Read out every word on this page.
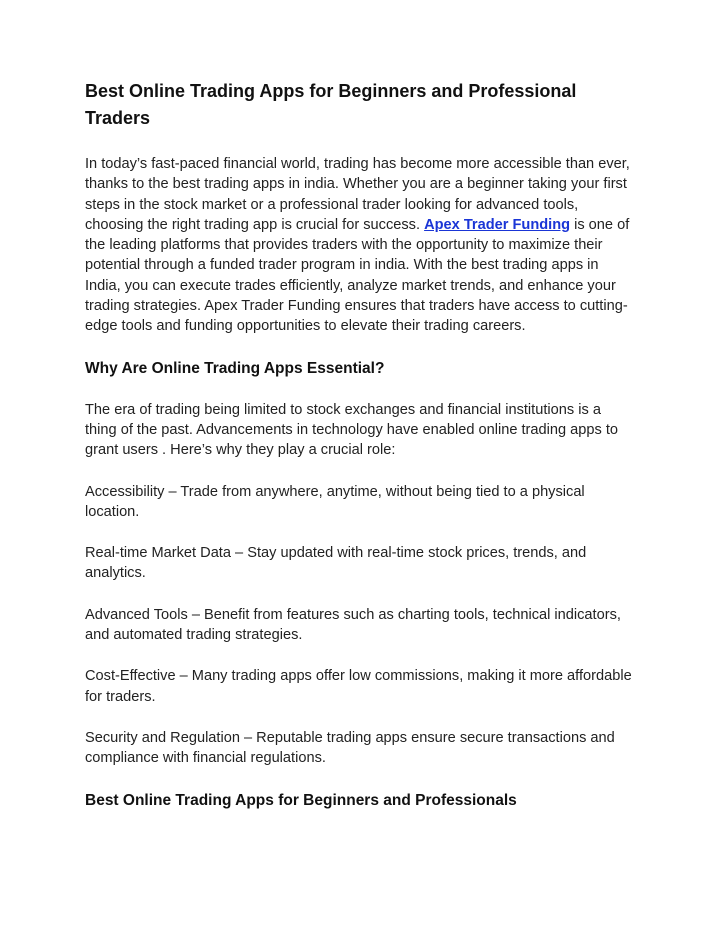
Best Online Trading Apps for Beginners and Professional Traders

In today’s fast-paced financial world, trading has become more accessible than ever, thanks to the best trading apps in india. Whether you are a beginner taking your first steps in the stock market or a professional trader looking for advanced tools, choosing the right trading app is crucial for success. Apex Trader Funding is one of the leading platforms that provides traders with the opportunity to maximize their potential through a funded trader program in india. With the best trading apps in India, you can execute trades efficiently, analyze market trends, and enhance your trading strategies. Apex Trader Funding ensures that traders have access to cutting-edge tools and funding opportunities to elevate their trading careers.

Why Are Online Trading Apps Essential?

The era of trading being limited to stock exchanges and financial institutions is a thing of the past. Advancements in technology have enabled online trading apps to grant users . Here’s why they play a crucial role:

Accessibility – Trade from anywhere, anytime, without being tied to a physical location.

Real-time Market Data – Stay updated with real-time stock prices, trends, and analytics.

Advanced Tools – Benefit from features such as charting tools, technical indicators, and automated trading strategies.

Cost-Effective – Many trading apps offer low commissions, making it more affordable for traders.

Security and Regulation – Reputable trading apps ensure secure transactions and compliance with financial regulations.

Best Online Trading Apps for Beginners and Professionals
